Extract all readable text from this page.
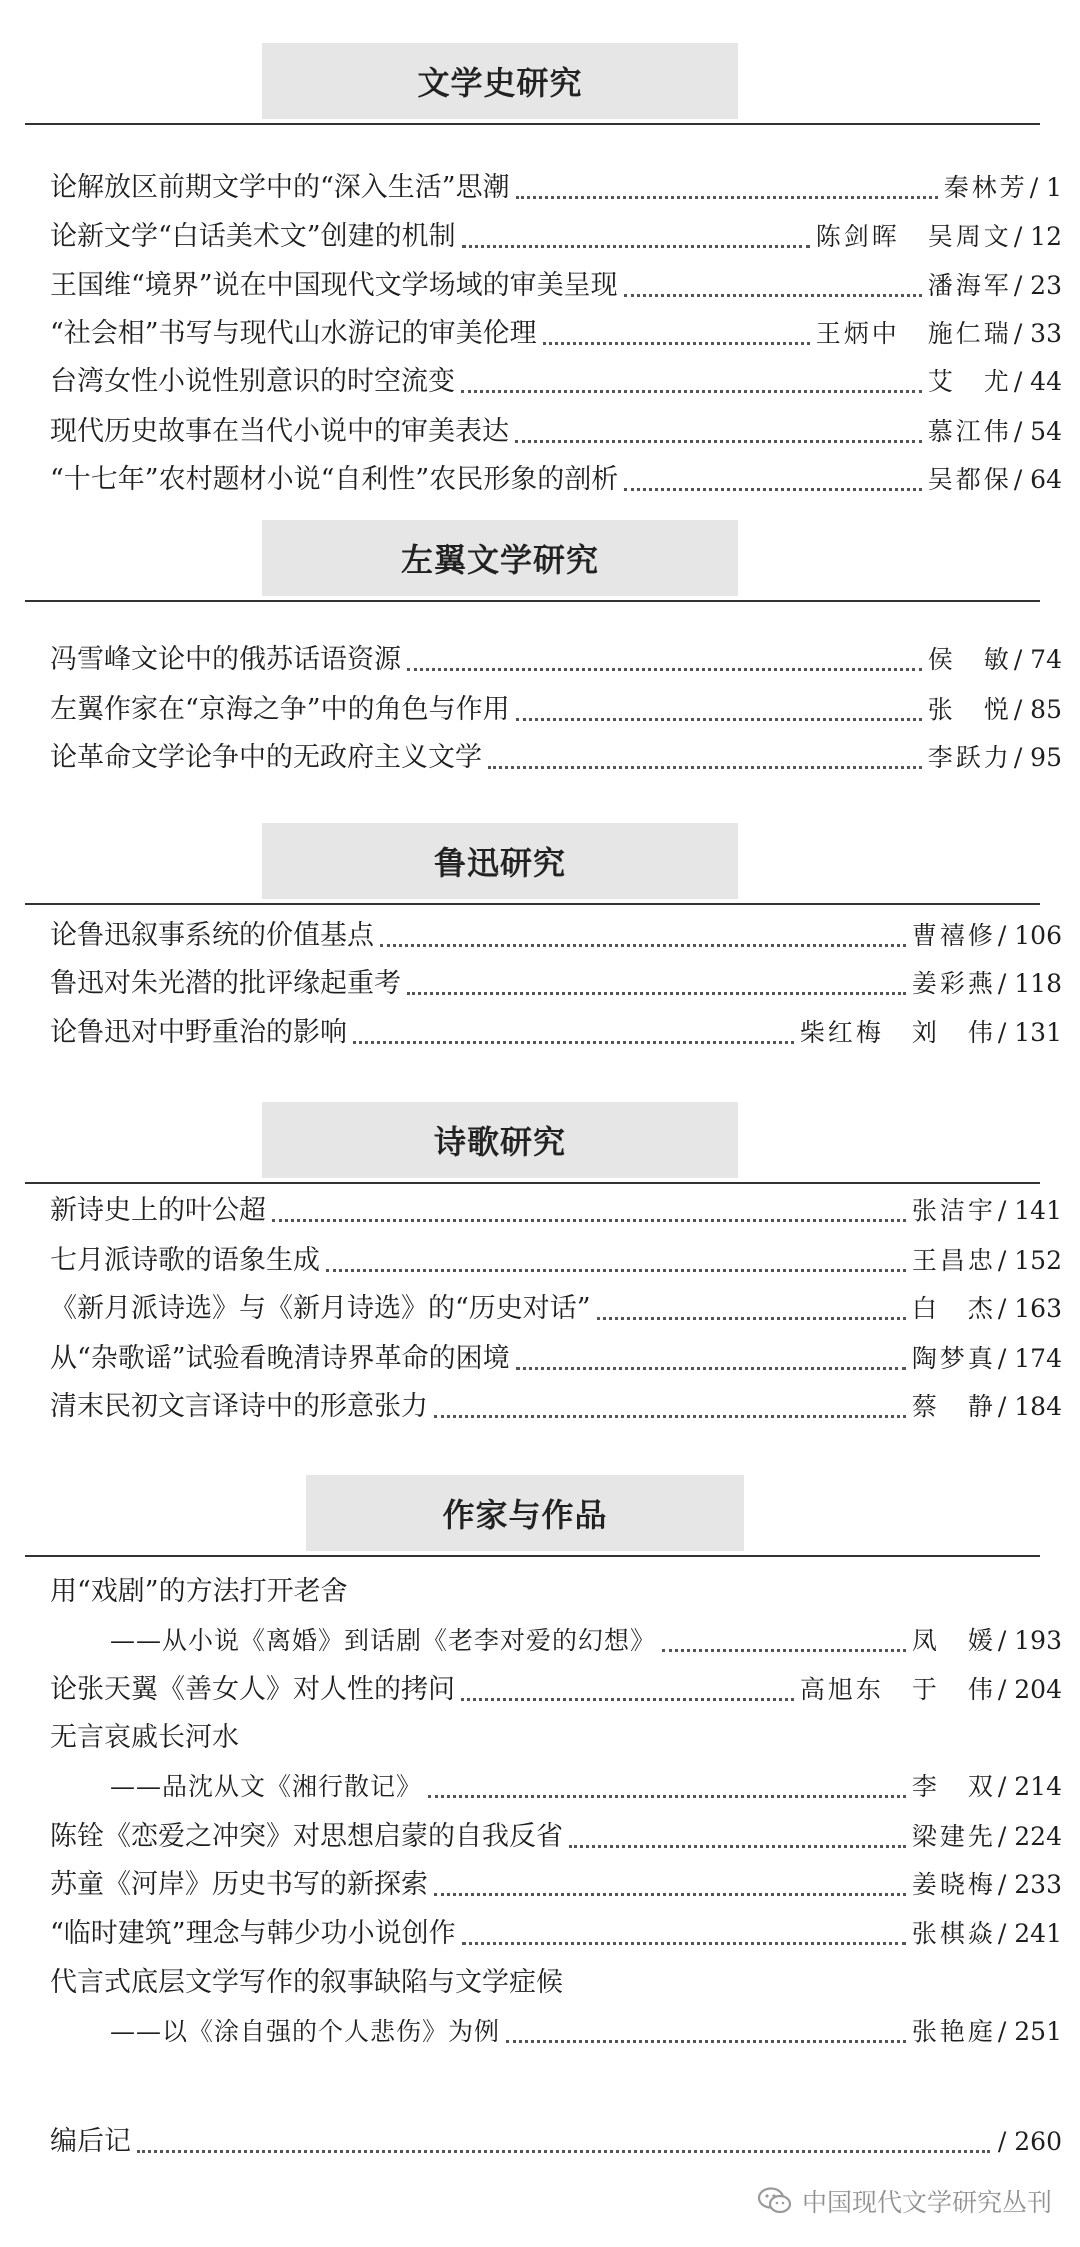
文学史研究
论解放区前期文学中的“深入生活”思潮	秦林芳 / 1
论新文学“白话美术文”创建的机制	陈剑晖　吴周文 / 12
王国维“境界”说在中国现代文学场域的审美呈现	潘海军 / 23
“社会相”书写与现代山水游记的审美伦理	王炳中　施仁瑞 / 33
台湾女性小说性别意识的时空流变	艾　尤 / 44
现代历史故事在当代小说中的审美表达	慕江伟 / 54
“十七年”农村题材小说“自利性”农民形象的剖析	吴都保 / 64
左翼文学研究
冯雪峰文论中的俄苏话语资源	侯　敏 / 74
左翼作家在“京海之争”中的角色与作用	张　悦 / 85
论革命文学论争中的无政府主义文学	李跃力 / 95
鲁迅研究
论鲁迅叙事系统的价值基点	曹禧修 / 106
鲁迅对朱光潜的批评缘起重考	姜彩燕 / 118
论鲁迅对中野重治的影响	柴红梅　刘　伟 / 131
诗歌研究
新诗史上的叶公超	张洁宇 / 141
七月派诗歌的语象生成	王昌忠 / 152
《新月派诗选》与《新月诗选》的“历史对话”	白　杰 / 163
从“杂歌谣”试验看晚清诗界革命的困境	陶梦真 / 174
清末民初文言译诗中的形意张力	蔡　静 / 184
作家与作品
用“戏剧”的方法打开老舍
——从小说《离婚》到话剧《老李对爱的幻想》	凤　媛 / 193
论张天翼《善女人》对人性的拷问	高旭东　于　伟 / 204
无言哀戚长河水
——品沈从文《湘行散记》	李　双 / 214
陈铨《恋爱之冲突》对思想启蒙的自我反省	梁建先 / 224
苏童《河岸》历史书写的新探索	姜晓梅 / 233
“临时建筑”理念与韩少功小说创作	张棋焱 / 241
代言式底层文学写作的叙事缺陷与文学症候
——以《涂自强的个人悲伤》为例	张艳庭 / 251
编后记	/ 260
中国现代文学研究丛刊
